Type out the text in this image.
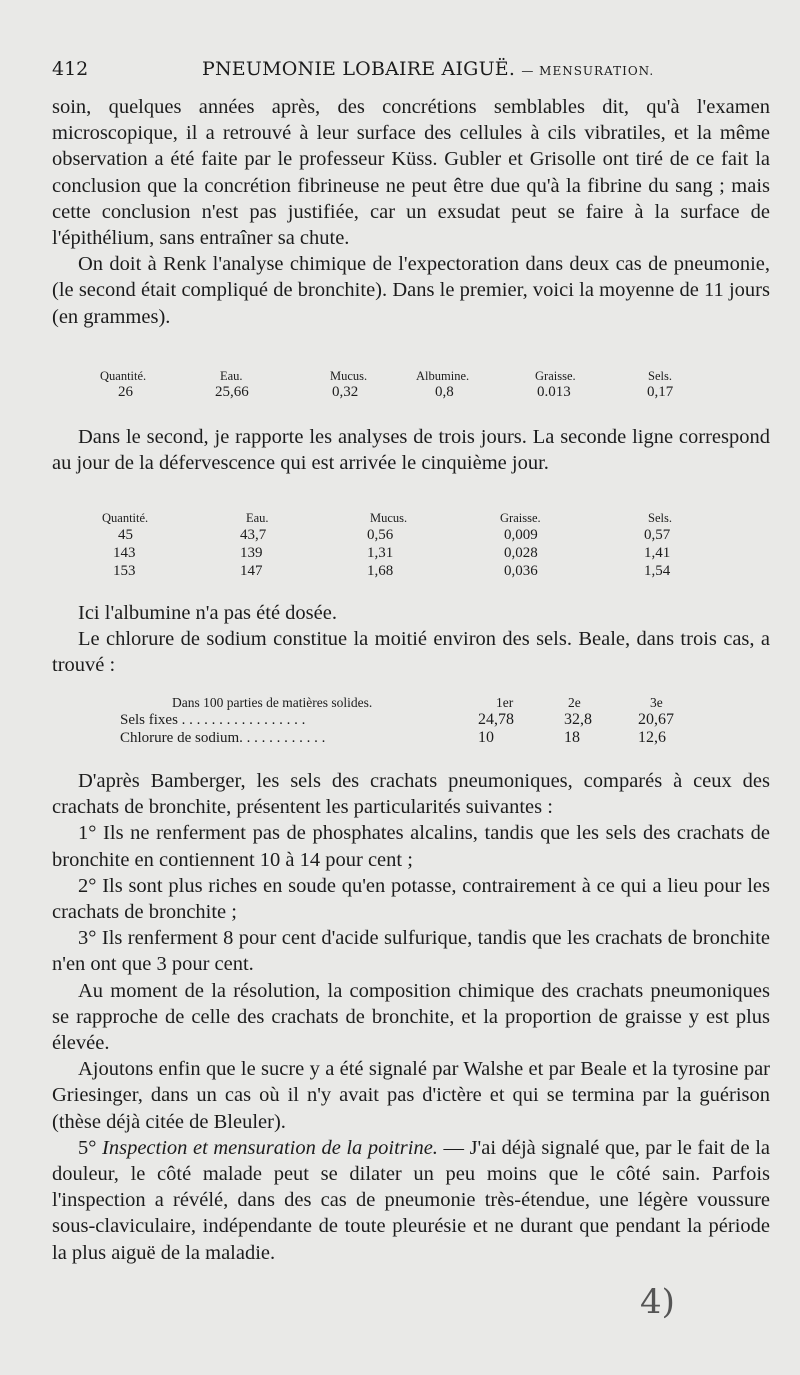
412	PNEUMONIE LOBAIRE AIGUË. — MENSURATION.

soin, quelques années après, des concrétions semblables dit, qu'à l'examen microscopique, il a retrouvé à leur surface des cellules à cils vibratiles, et la même observation a été faite par le professeur Küss. Gubler et Grisolle ont tiré de ce fait la conclusion que la concrétion fibrineuse ne peut être due qu'à la fibrine du sang ; mais cette conclusion n'est pas justifiée, car un exsudat peut se faire à la surface de l'épithélium, sans entraîner sa chute.

On doit à Renk l'analyse chimique de l'expectoration dans deux cas de pneumonie, (le second était compliqué de bronchite). Dans le premier, voici la moyenne de 11 jours (en grammes).

Quantité.	Eau.	Mucus.	Albumine.	Graisse.	Sels.
26	25,66	0,32	0,8	0.013	0,17

Dans le second, je rapporte les analyses de trois jours. La seconde ligne correspond au jour de la défervescence qui est arrivée le cinquième jour.

Quantité.	Eau.	Mucus.	Graisse.	Sels.
45	43,7	0,56	0,009	0,57
143	139	1,31	0,028	1,41
153	147	1,68	0,036	1,54

Ici l'albumine n'a pas été dosée.

Le chlorure de sodium constitue la moitié environ des sels. Beale, dans trois cas, a trouvé :

Dans 100 parties de matières solides.	1er	2e	3e
Sels fixes . . . . . . . . . . . . . . . . .	24,78	32,8	20,67
Chlorure de sodium. . . . . . . . . . . .	10	18	12,6

D'après Bamberger, les sels des crachats pneumoniques, comparés à ceux des crachats de bronchite, présentent les particularités suivantes :

1° Ils ne renferment pas de phosphates alcalins, tandis que les sels des crachats de bronchite en contiennent 10 à 14 pour cent ;

2° Ils sont plus riches en soude qu'en potasse, contrairement à ce qui a lieu pour les crachats de bronchite ;

3° Ils renferment 8 pour cent d'acide sulfurique, tandis que les crachats de bronchite n'en ont que 3 pour cent.

Au moment de la résolution, la composition chimique des crachats pneumoniques se rapproche de celle des crachats de bronchite, et la proportion de graisse y est plus élevée.

Ajoutons enfin que le sucre y a été signalé par Walshe et par Beale et la tyrosine par Griesinger, dans un cas où il n'y avait pas d'ictère et qui se termina par la guérison (thèse déjà citée de Bleuler).

5° Inspection et mensuration de la poitrine. — J'ai déjà signalé que, par le fait de la douleur, le côté malade peut se dilater un peu moins que le côté sain. Parfois l'inspection a révélé, dans des cas de pneumonie très-étendue, une légère voussure sous-claviculaire, indépendante de toute pleurésie et ne durant que pendant la période la plus aiguë de la maladie.

4)
